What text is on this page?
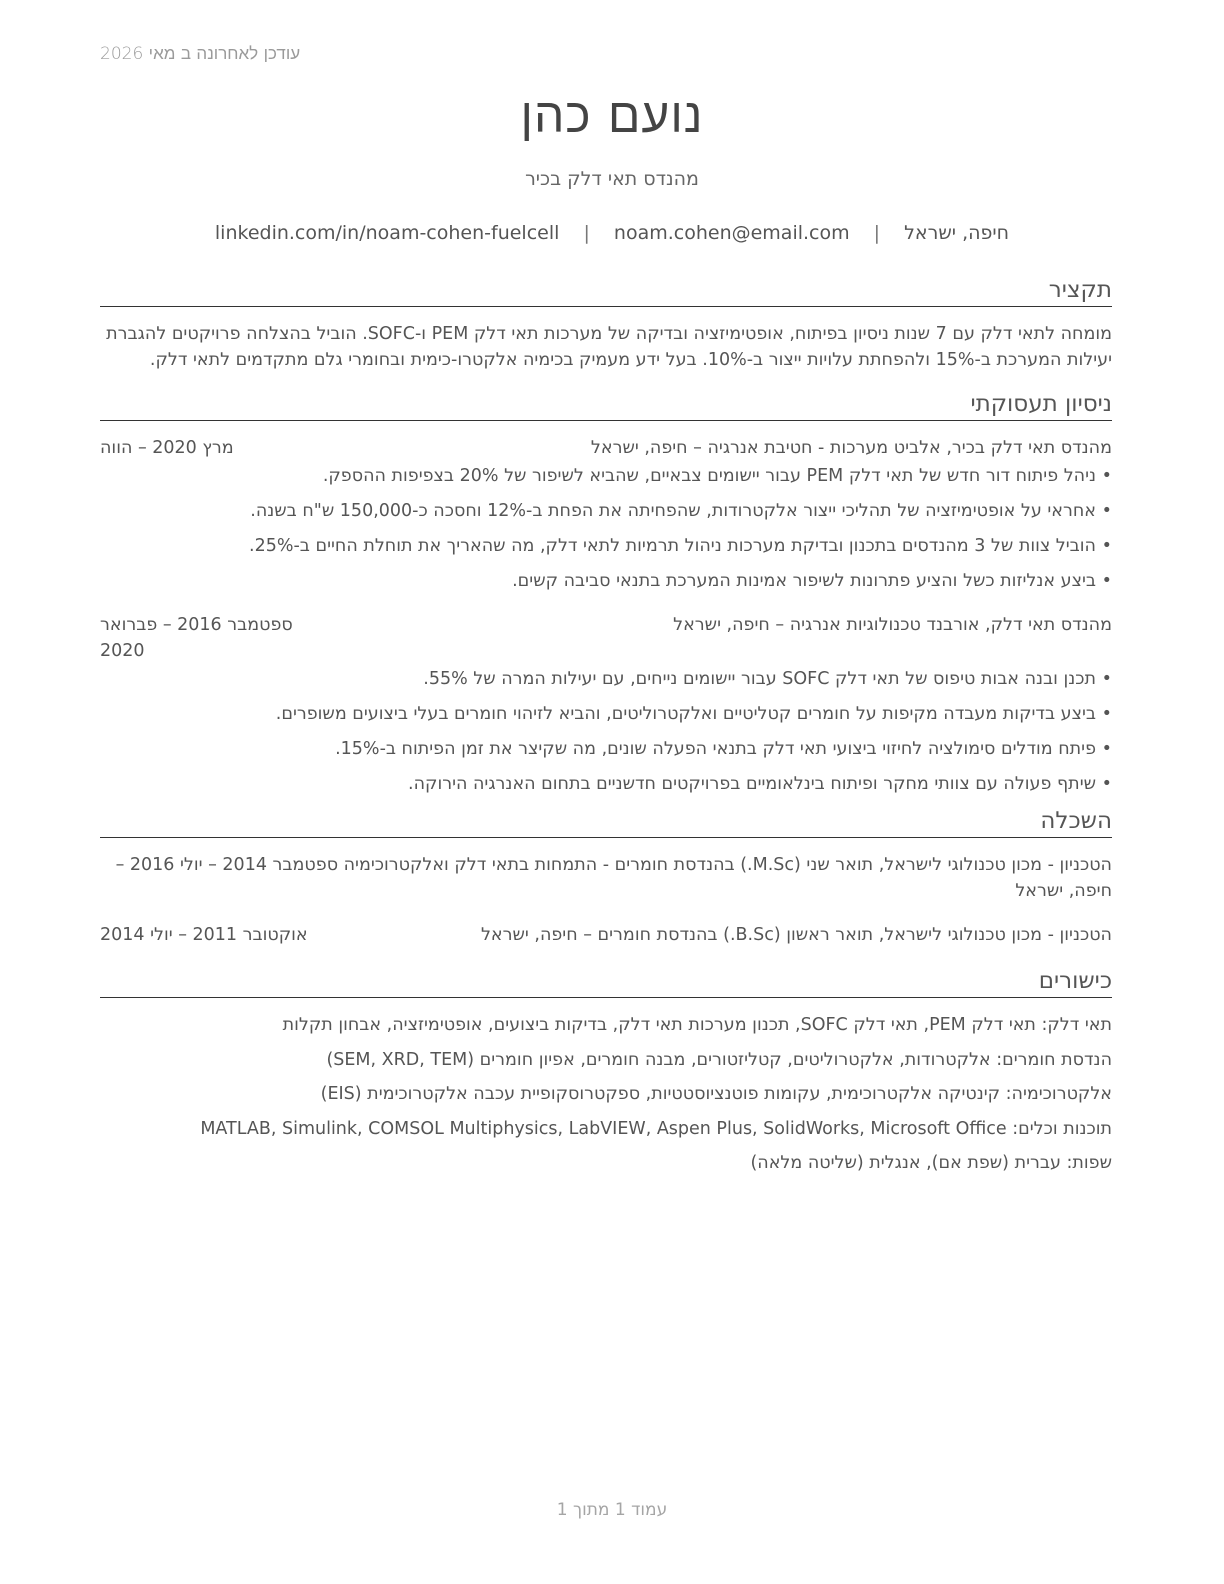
עודכן לאחרונה ב מאי 2026
נועם כהן
מהנדס תאי דלק בכיר
חיפה, ישראל | noam.cohen@email.com | linkedin.com/in/noam-cohen-fuelcell
תקציר
מומחה לתאי דלק עם 7 שנות ניסיון בפיתוח, אופטימיזציה ובדיקה של מערכות תאי דלק PEM ו-SOFC. הוביל בהצלחה פרויקטים להגברת יעילות המערכת ב-15% ולהפחתת עלויות ייצור ב-10%. בעל ידע מעמיק בכימיה אלקטרו-כימית ובחומרי גלם מתקדמים לתאי דלק.
ניסיון תעסוקתי
מהנדס תאי דלק בכיר, אלביט מערכות - חטיבת אנרגיה – חיפה, ישראל
מרץ 2020 – הווה
• ניהל פיתוח דור חדש של תאי דלק PEM עבור יישומים צבאיים, שהביא לשיפור של 20% בצפיפות ההספק.
• אחראי על אופטימיזציה של תהליכי ייצור אלקטרודות, שהפחיתה את הפחת ב-12% וחסכה כ-150,000 ש"ח בשנה.
• הוביל צוות של 3 מהנדסים בתכנון ובדיקת מערכות ניהול תרמיות לתאי דלק, מה שהאריך את תוחלת החיים ב-25%.
• ביצע אנליזות כשל והציע פתרונות לשיפור אמינות המערכת בתנאי סביבה קשים.
מהנדס תאי דלק, אורבנד טכנולוגיות אנרגיה – חיפה, ישראל
ספטמבר 2016 – פברואר 2020
• תכנן ובנה אבות טיפוס של תאי דלק SOFC עבור יישומים נייחים, עם יעילות המרה של 55%.
• ביצע בדיקות מעבדה מקיפות על חומרים קטליטיים ואלקטרוליטים, והביא לזיהוי חומרים בעלי ביצועים משופרים.
• פיתח מודלים סימולציה לחיזוי ביצועי תאי דלק בתנאי הפעלה שונים, מה שקיצר את זמן הפיתוח ב-15%.
• שיתף פעולה עם צוותי מחקר ופיתוח בינלאומיים בפרויקטים חדשניים בתחום האנרגיה הירוקה.
השכלה
הטכניון - מכון טכנולוגי לישראל, תואר שני (M.Sc.) בהנדסת חומרים - התמחות בתאי דלק ואלקטרוכימיה ספטמבר 2014 – יולי 2016 – חיפה, ישראל
הטכניון - מכון טכנולוגי לישראל, תואר ראשון (B.Sc.) בהנדסת חומרים – חיפה, ישראל
אוקטובר 2011 – יולי 2014
כישורים
תאי דלק: תאי דלק PEM, תאי דלק SOFC, תכנון מערכות תאי דלק, בדיקות ביצועים, אופטימיזציה, אבחון תקלות
הנדסת חומרים: אלקטרודות, אלקטרוליטים, קטליזטורים, מבנה חומרים, אפיון חומרים (SEM, XRD, TEM)
אלקטרוכימיה: קינטיקה אלקטרוכימית, עקומות פוטנציוסטטיות, ספקטרוסקופיית עכבה אלקטרוכימית (EIS)
תוכנות וכלים: MATLAB, Simulink, COMSOL Multiphysics, LabVIEW, Aspen Plus, SolidWorks, Microsoft Office
שפות: עברית (שפת אם), אנגלית (שליטה מלאה)
עמוד 1 מתוך 1
